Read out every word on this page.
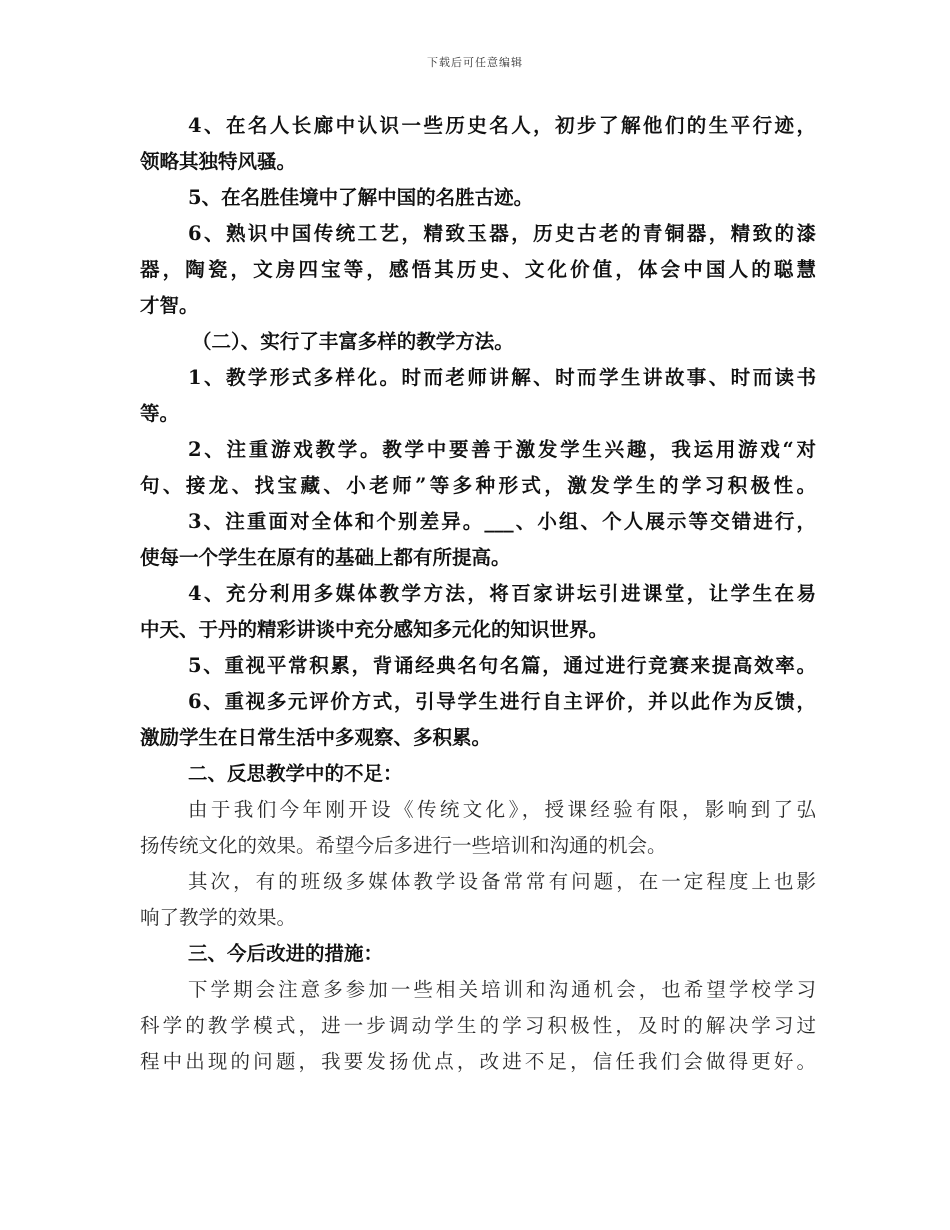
下载后可任意编辑
4、在名人长廊中认识一些历史名人，初步了解他们的生平行迹，
领略其独特风骚。
5、在名胜佳境中了解中国的名胜古迹。
6、熟识中国传统工艺，精致玉器，历史古老的青铜器，精致的漆
器，陶瓷，文房四宝等，感悟其历史、文化价值，体会中国人的聪慧
才智。
（二）、实行了丰富多样的教学方法。
1、教学形式多样化。时而老师讲解、时而学生讲故事、时而读书
等。
2、注重游戏教学。教学中要善于激发学生兴趣，我运用游戏“对
句、接龙、找宝藏、小老师”等多种形式，激发学生的学习积极性。
3、注重面对全体和个别差异。___、小组、个人展示等交错进行，
使每一个学生在原有的基础上都有所提高。
4、充分利用多媒体教学方法，将百家讲坛引进课堂，让学生在易
中天、于丹的精彩讲谈中充分感知多元化的知识世界。
5、重视平常积累，背诵经典名句名篇，通过进行竞赛来提高效率。
6、重视多元评价方式，引导学生进行自主评价，并以此作为反馈，
激励学生在日常生活中多观察、多积累。
二、反思教学中的不足：
由于我们今年刚开设《传统文化》，授课经验有限，影响到了弘
扬传统文化的效果。希望今后多进行一些培训和沟通的机会。
其次，有的班级多媒体教学设备常常有问题，在一定程度上也影
响了教学的效果。
三、今后改进的措施：
下学期会注意多参加一些相关培训和沟通机会，也希望学校学习
科学的教学模式，进一步调动学生的学习积极性，及时的解决学习过
程中出现的问题，我要发扬优点，改进不足，信任我们会做得更好。
